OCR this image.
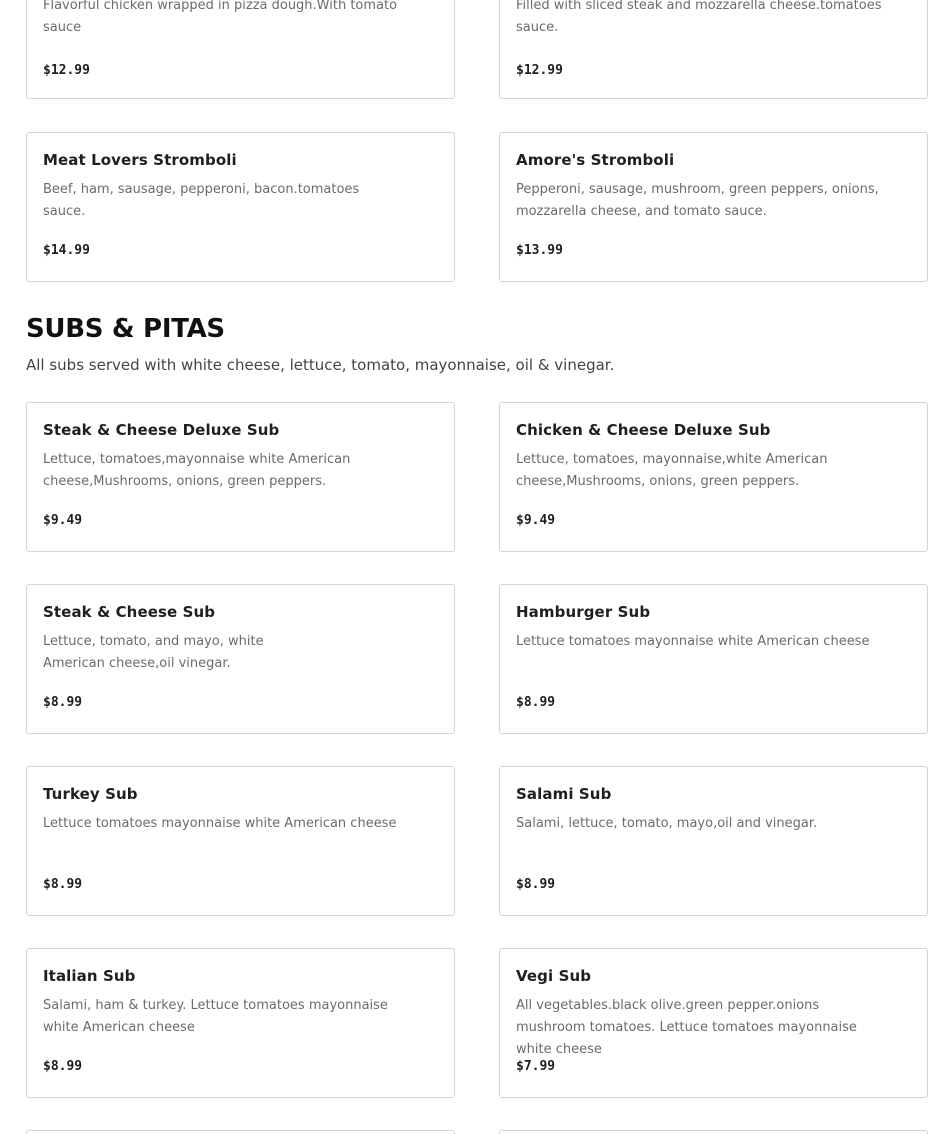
Flavorful chicken wrapped in pizza dough.With tomato sauce
$12.99
Filled with sliced steak and mozzarella cheese.tomatoes sauce.
$12.99
Meat Lovers Stromboli
Beef, ham, sausage, pepperoni, bacon.tomatoes sauce.
$14.99
Amore's Stromboli
Pepperoni, sausage, mushroom, green peppers, onions, mozzarella cheese, and tomato sauce.
$13.99
SUBS & PITAS
All subs served with white cheese, lettuce, tomato, mayonnaise, oil & vinegar.
Steak & Cheese Deluxe Sub
Lettuce, tomatoes,mayonnaise white American cheese,Mushrooms, onions, green peppers.
$9.49
Chicken & Cheese Deluxe Sub
Lettuce, tomatoes, mayonnaise,white American cheese,Mushrooms, onions, green peppers.
$9.49
Steak & Cheese Sub
Lettuce, tomato, and mayo, white American cheese,oil vinegar.
$8.99
Hamburger Sub
Lettuce tomatoes mayonnaise white American cheese
$8.99
Turkey Sub
Lettuce tomatoes mayonnaise white American cheese
$8.99
Salami Sub
Salami, lettuce, tomato, mayo,oil and vinegar.
$8.99
Italian Sub
Salami, ham & turkey. Lettuce tomatoes mayonnaise white American cheese
$8.99
Vegi Sub
All vegetables.black olive.green pepper.onions mushroom tomatoes. Lettuce tomatoes mayonnaise white cheese
$7.99
